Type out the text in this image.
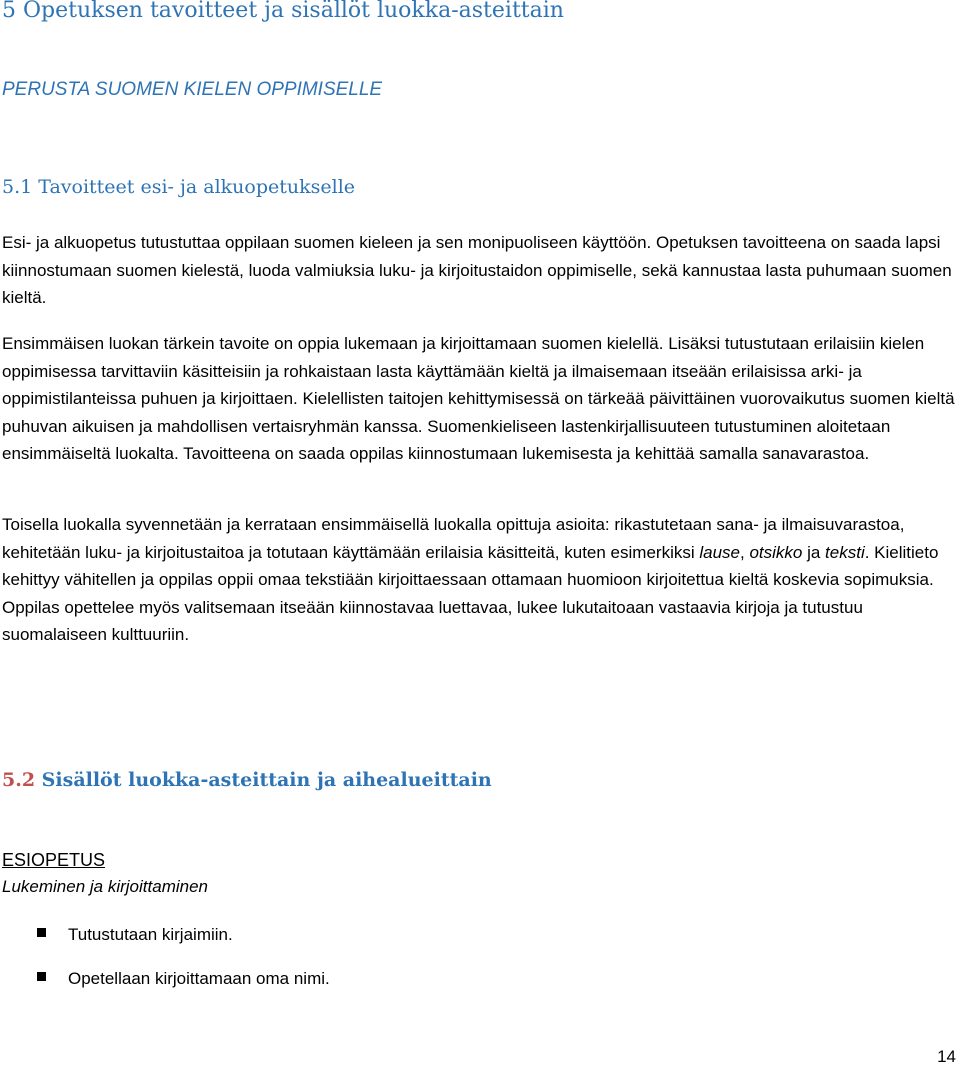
5 Opetuksen tavoitteet ja sisällöt luokka-asteittain
PERUSTA SUOMEN KIELEN OPPIMISELLE
5.1 Tavoitteet esi- ja alkuopetukselle

Esi- ja alkuopetus tutustuttaa oppilaan suomen kieleen ja sen monipuoliseen käyttöön. Opetuksen tavoitteena on saada lapsi kiinnostumaan suomen kielestä, luoda valmiuksia luku- ja kirjoitustaidon oppimiselle, sekä kannustaa lasta puhumaan suomen kieltä.

Ensimmäisen luokan tärkein tavoite on oppia lukemaan ja kirjoittamaan suomen kielellä. Lisäksi tutustutaan erilaisiin kielen oppimisessa tarvittaviin käsitteisiin ja rohkaistaan lasta käyttämään kieltä ja ilmaisemaan itseään erilaisissa arki- ja oppimistilanteissa puhuen ja kirjoittaen. Kielellisten taitojen kehittymisessä on tärkeää päivittäinen vuorovaikutus suomen kieltä puhuvan aikuisen ja mahdollisen vertaisryhmän kanssa. Suomenkieliseen lastenkirjallisuuteen tutustuminen aloitetaan ensimmäiseltä luokalta. Tavoitteena on saada oppilas kiinnostumaan lukemisesta ja kehittää samalla sanavarastoa.

Toisella luokalla syvennetään ja kerrataan ensimmäisellä luokalla opittuja asioita: rikastutetaan sana- ja ilmaisuvarastoa, kehitetään luku- ja kirjoitustaitoa ja totutaan käyttämään erilaisia käsitteitä, kuten esimerkiksi lause, otsikko ja teksti. Kielitieto kehittyy vähitellen ja oppilas oppii omaa tekstiään kirjoittaessaan ottamaan huomioon kirjoitettua kieltä koskevia sopimuksia. Oppilas opettelee myös valitsemaan itseään kiinnostavaa luettavaa, lukee lukutaitoaan vastaavia kirjoja ja tutustuu suomalaiseen kulttuuriin.

5.2 Sisällöt luokka-asteittain ja aihealueittain
ESIOPETUS
Lukeminen ja kirjoittaminen
Tutustutaan kirjaimiin.
Opetellaan kirjoittamaan oma nimi.
14
